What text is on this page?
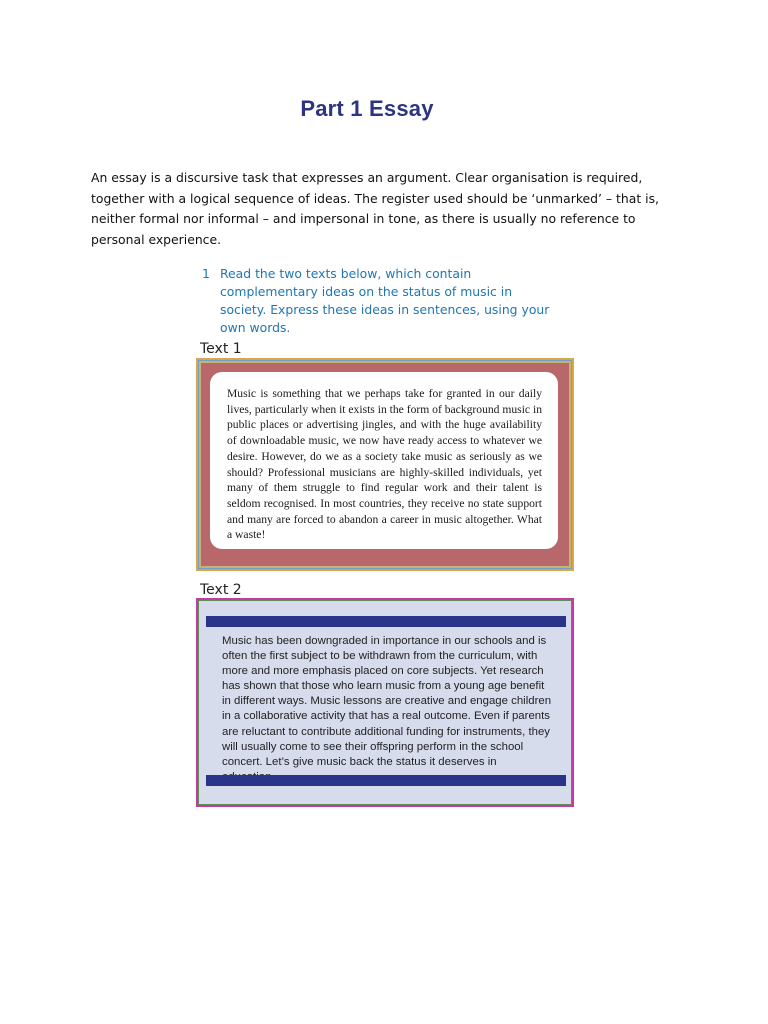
Part 1 Essay
An essay is a discursive task that expresses an argument. Clear organisation is required, together with a logical sequence of ideas. The register used should be ‘unmarked’ – that is, neither formal nor informal – and impersonal in tone, as there is usually no reference to personal experience.
1 Read the two texts below, which contain complementary ideas on the status of music in society. Express these ideas in sentences, using your own words.
Text 1
Music is something that we perhaps take for granted in our daily lives, particularly when it exists in the form of background music in public places or advertising jingles, and with the huge availability of downloadable music, we now have ready access to whatever we desire. However, do we as a society take music as seriously as we should? Professional musicians are highly-skilled individuals, yet many of them struggle to find regular work and their talent is seldom recognised. In most countries, they receive no state support and many are forced to abandon a career in music altogether. What a waste!
Text 2
Music has been downgraded in importance in our schools and is often the first subject to be withdrawn from the curriculum, with more and more emphasis placed on core subjects. Yet research has shown that those who learn music from a young age benefit in different ways. Music lessons are creative and engage children in a collaborative activity that has a real outcome. Even if parents are reluctant to contribute additional funding for instruments, they will usually come to see their offspring perform in the school concert. Let’s give music back the status it deserves in
